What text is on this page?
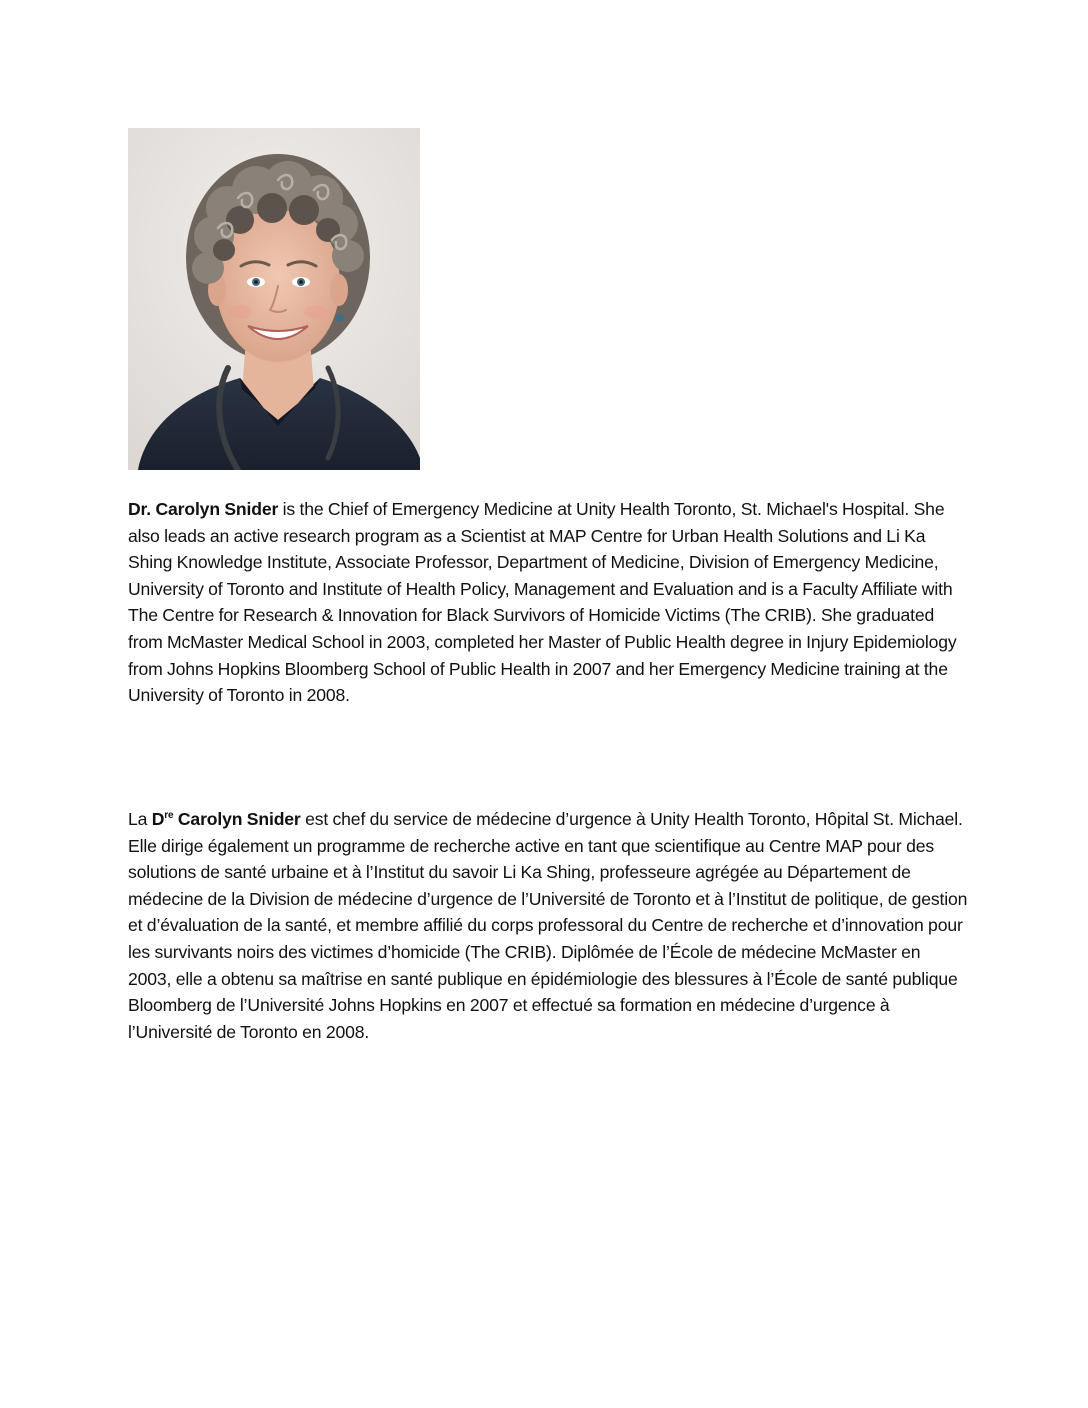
Dr. Carolyn Snider is the Chief of Emergency Medicine at Unity Health Toronto, St. Michael's Hospital. She also leads an active research program as a Scientist at MAP Centre for Urban Health Solutions and Li Ka Shing Knowledge Institute, Associate Professor, Department of Medicine, Division of Emergency Medicine, University of Toronto and Institute of Health Policy, Management and Evaluation and is a Faculty Affiliate with The Centre for Research & Innovation for Black Survivors of Homicide Victims (The CRIB). She graduated from McMaster Medical School in 2003, completed her Master of Public Health degree in Injury Epidemiology from Johns Hopkins Bloomberg School of Public Health in 2007 and her Emergency Medicine training at the University of Toronto in 2008.

La Dre Carolyn Snider est chef du service de médecine d’urgence à Unity Health Toronto, Hôpital St. Michael. Elle dirige également un programme de recherche active en tant que scientifique au Centre MAP pour des solutions de santé urbaine et à l’Institut du savoir Li Ka Shing, professeure agrégée au Département de médecine de la Division de médecine d’urgence de l’Université de Toronto et à l’Institut de politique, de gestion et d’évaluation de la santé, et membre affilié du corps professoral du Centre de recherche et d’innovation pour les survivants noirs des victimes d’homicide (The CRIB). Diplômée de l’École de médecine McMaster en 2003, elle a obtenu sa maîtrise en santé publique en épidémiologie des blessures à l’École de santé publique Bloomberg de l’Université Johns Hopkins en 2007 et effectué sa formation en médecine d’urgence à l’Université de Toronto en 2008.
